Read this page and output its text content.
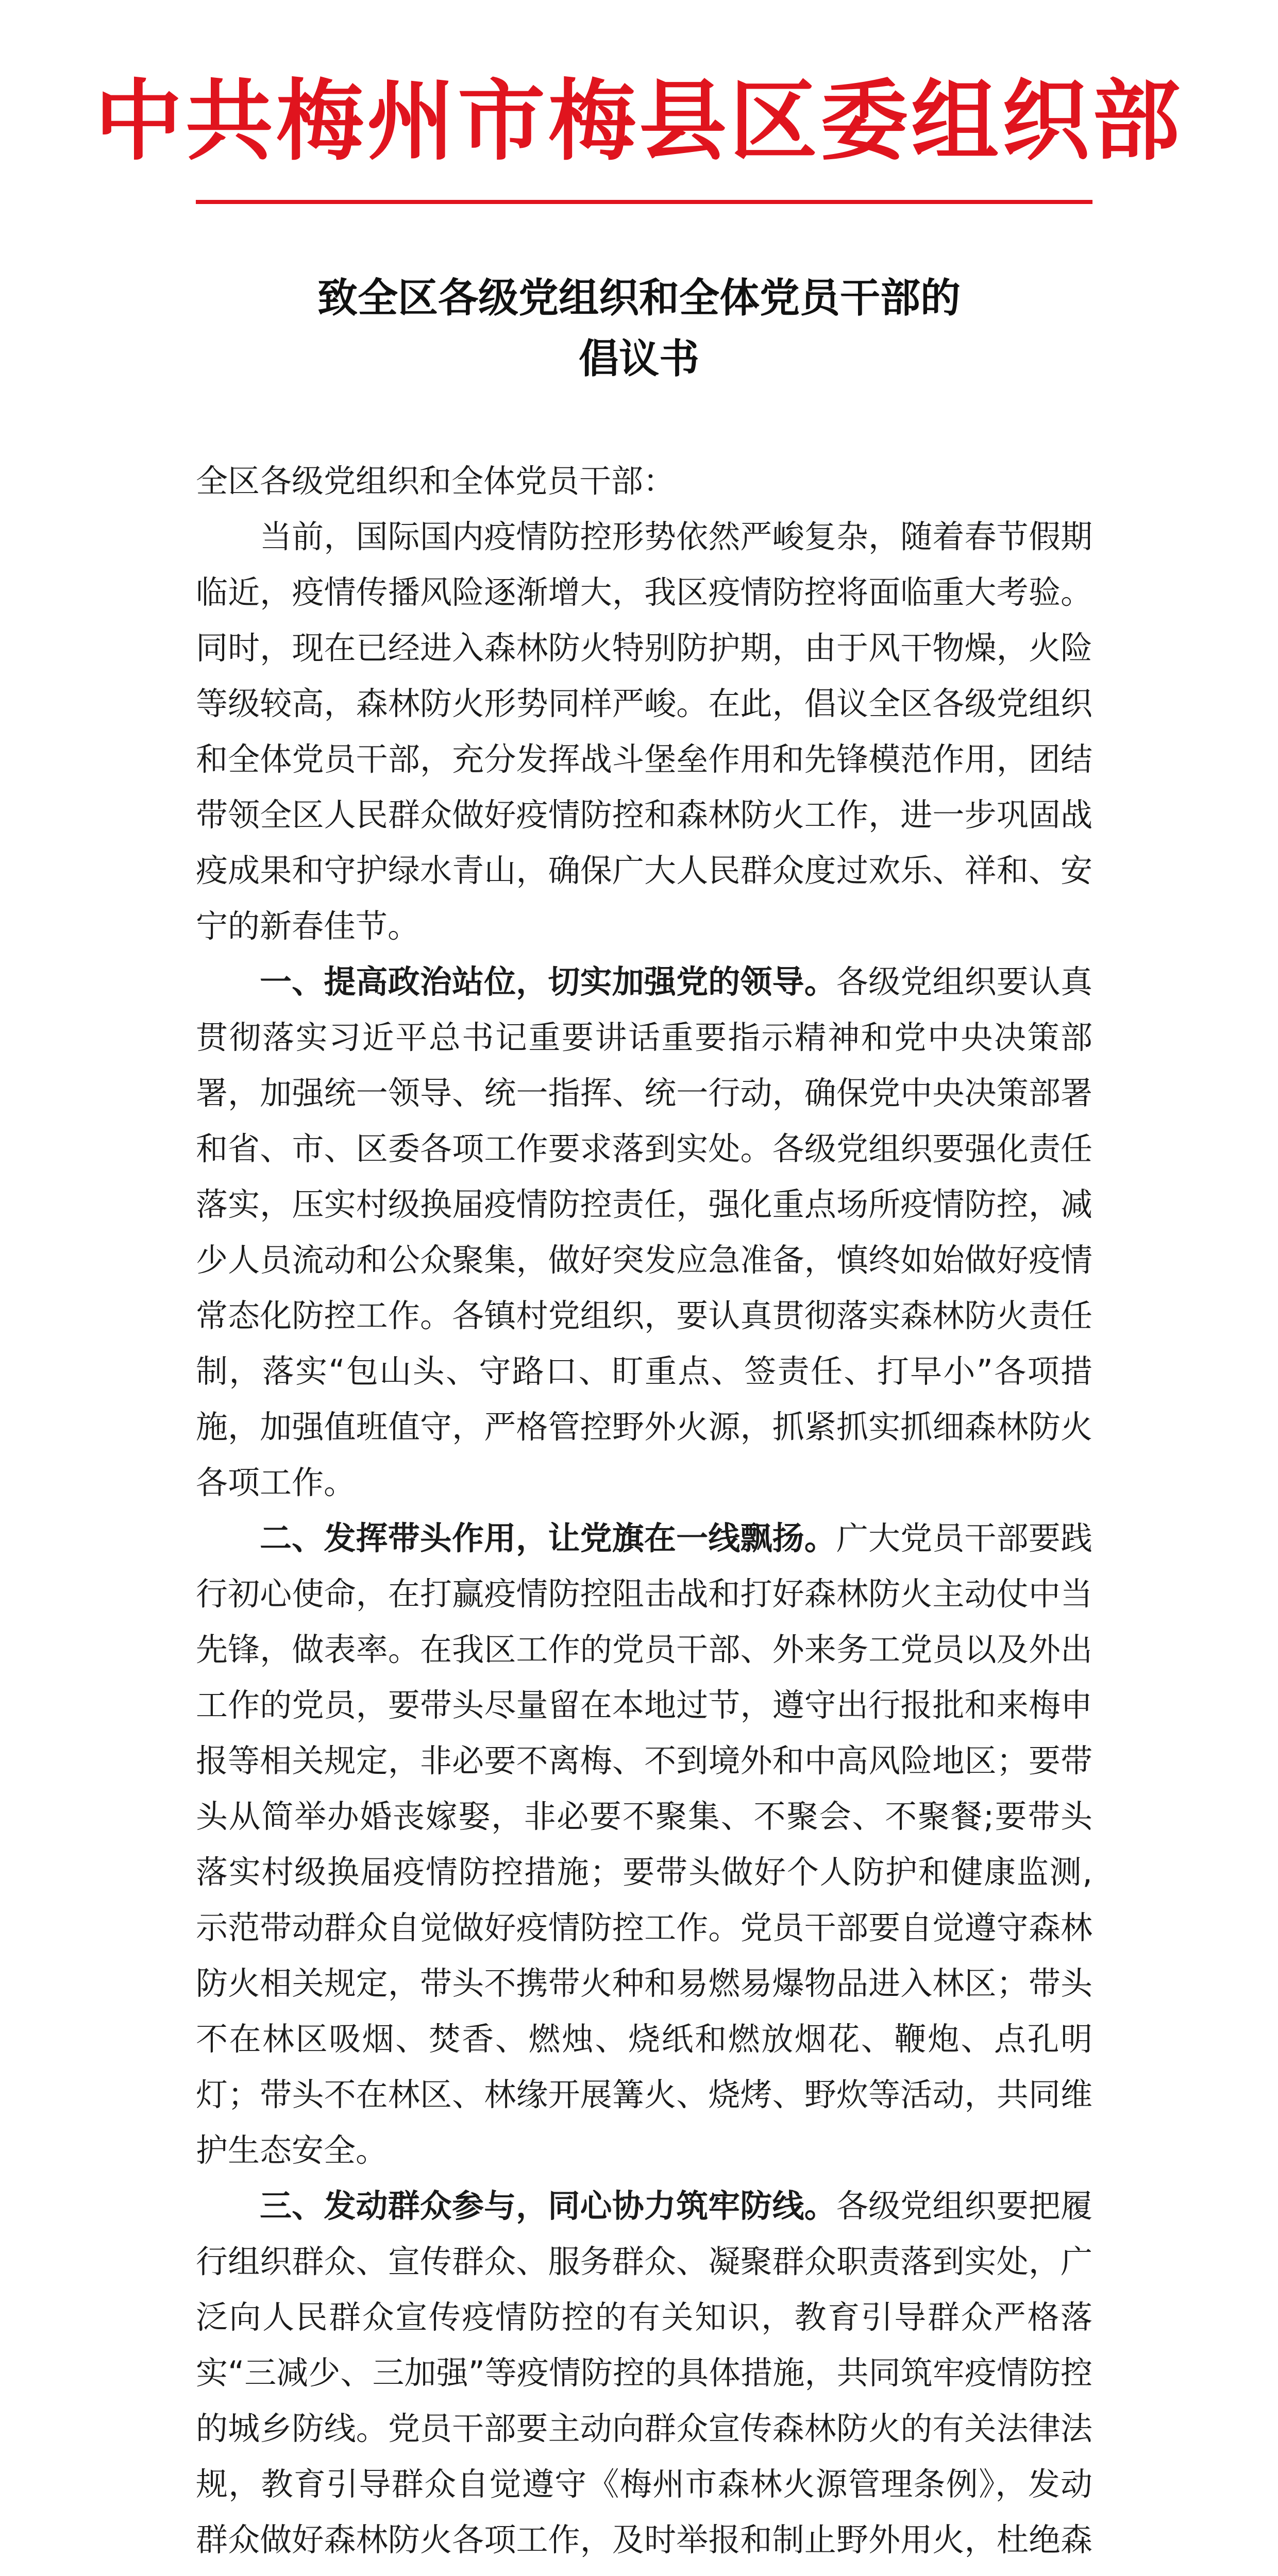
中共梅州市梅县区委组织部
致全区各级党组织和全体党员干部的
倡议书

全区各级党组织和全体党员干部：

当前，国际国内疫情防控形势依然严峻复杂，随着春节假期临近，疫情传播风险逐渐增大，我区疫情防控将面临重大考验。同时，现在已经进入森林防火特别防护期，由于风干物燥，火险等级较高，森林防火形势同样严峻。在此，倡议全区各级党组织和全体党员干部，充分发挥战斗堡垒作用和先锋模范作用，团结带领全区人民群众做好疫情防控和森林防火工作，进一步巩固战疫成果和守护绿水青山，确保广大人民群众度过欢乐、祥和、安宁的新春佳节。

一、提高政治站位，切实加强党的领导。各级党组织要认真贯彻落实习近平总书记重要讲话重要指示精神和党中央决策部署，加强统一领导、统一指挥、统一行动，确保党中央决策部署和省、市、区委各项工作要求落到实处。各级党组织要强化责任落实，压实村级换届疫情防控责任，强化重点场所疫情防控，减少人员流动和公众聚集，做好突发应急准备，慎终如始做好疫情常态化防控工作。各镇村党组织，要认真贯彻落实森林防火责任制，落实“包山头、守路口、盯重点、签责任、打早小”各项措施，加强值班值守，严格管控野外火源，抓紧抓实抓细森林防火各项工作。

二、发挥带头作用，让党旗在一线飘扬。广大党员干部要践行初心使命，在打赢疫情防控阻击战和打好森林防火主动仗中当先锋，做表率。在我区工作的党员干部、外来务工党员以及外出工作的党员，要带头尽量留在本地过节，遵守出行报批和来梅申报等相关规定，非必要不离梅、不到境外和中高风险地区；要带头从简举办婚丧嫁娶，非必要不聚集、不聚会、不聚餐;要带头落实村级换届疫情防控措施；要带头做好个人防护和健康监测,示范带动群众自觉做好疫情防控工作。党员干部要自觉遵守森林防火相关规定，带头不携带火种和易燃易爆物品进入林区；带头不在林区吸烟、焚香、燃烛、烧纸和燃放烟花、鞭炮、点孔明灯；带头不在林区、林缘开展篝火、烧烤、野炊等活动，共同维护生态安全。

三、发动群众参与，同心协力筑牢防线。各级党组织要把履行组织群众、宣传群众、服务群众、凝聚群众职责落到实处，广泛向人民群众宣传疫情防控的有关知识，教育引导群众严格落实“三减少、三加强”等疫情防控的具体措施，共同筑牢疫情防控的城乡防线。党员干部要主动向群众宣传森林防火的有关法律法规，教育引导群众自觉遵守《梅州市森林火源管理条例》，发动群众做好森林防火各项工作，及时举报和制止野外用火，杜绝森
